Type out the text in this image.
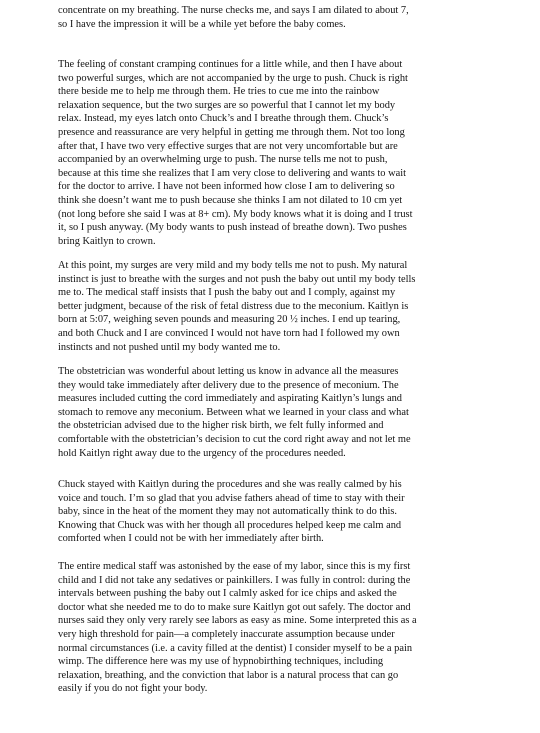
concentrate on my breathing. The nurse checks me, and says I am dilated to about 7,
so I have the impression it will be a while yet before the baby comes.
The feeling of constant cramping continues for a little while, and then I have about
two powerful surges, which are not accompanied by the urge to push. Chuck is right
there beside me to help me through them. He tries to cue me into the rainbow
relaxation sequence, but the two surges are so powerful that I cannot let my body
relax. Instead, my eyes latch onto Chuck’s and I breathe through them. Chuck’s
presence and reassurance are very helpful in getting me through them. Not too long
after that, I have two very effective surges that are not very uncomfortable but are
accompanied by an overwhelming urge to push. The nurse tells me not to push,
because at this time she realizes that I am very close to delivering and wants to wait
for the doctor to arrive. I have not been informed how close I am to delivering so
think she doesn’t want me to push because she thinks I am not dilated to 10 cm yet
(not long before she said I was at 8+ cm). My body knows what it is doing and I trust
it, so I push anyway. (My body wants to push instead of breathe down). Two pushes
bring Kaitlyn to crown.
At this point, my surges are very mild and my body tells me not to push. My natural
instinct is just to breathe with the surges and not push the baby out until my body tells
me to. The medical staff insists that I push the baby out and I comply, against my
better judgment, because of the risk of fetal distress due to the meconium. Kaitlyn is
born at 5:07, weighing seven pounds and measuring 20 ½ inches. I end up tearing,
and both Chuck and I are convinced I would not have torn had I followed my own
instincts and not pushed until my body wanted me to.
The obstetrician was wonderful about letting us know in advance all the measures
they would take immediately after delivery due to the presence of meconium. The
measures included cutting the cord immediately and aspirating Kaitlyn’s lungs and
stomach to remove any meconium. Between what we learned in your class and what
the obstetrician advised due to the higher risk birth, we felt fully informed and
comfortable with the obstetrician’s decision to cut the cord right away and not let me
hold Kaitlyn right away due to the urgency of the procedures needed.
Chuck stayed with Kaitlyn during the procedures and she was really calmed by his
voice and touch. I’m so glad that you advise fathers ahead of time to stay with their
baby, since in the heat of the moment they may not automatically think to do this.
Knowing that Chuck was with her though all procedures helped keep me calm and
comforted when I could not be with her immediately after birth.
The entire medical staff was astonished by the ease of my labor, since this is my first
child and I did not take any sedatives or painkillers. I was fully in control: during the
intervals between pushing the baby out I calmly asked for ice chips and asked the
doctor what she needed me to do to make sure Kaitlyn got out safely. The doctor and
nurses said they only very rarely see labors as easy as mine. Some interpreted this as a
very high threshold for pain—a completely inaccurate assumption because under
normal circumstances (i.e. a cavity filled at the dentist) I consider myself to be a pain
wimp. The difference here was my use of hypnobirthing techniques, including
relaxation, breathing, and the conviction that labor is a natural process that can go
easily if you do not fight your body.
